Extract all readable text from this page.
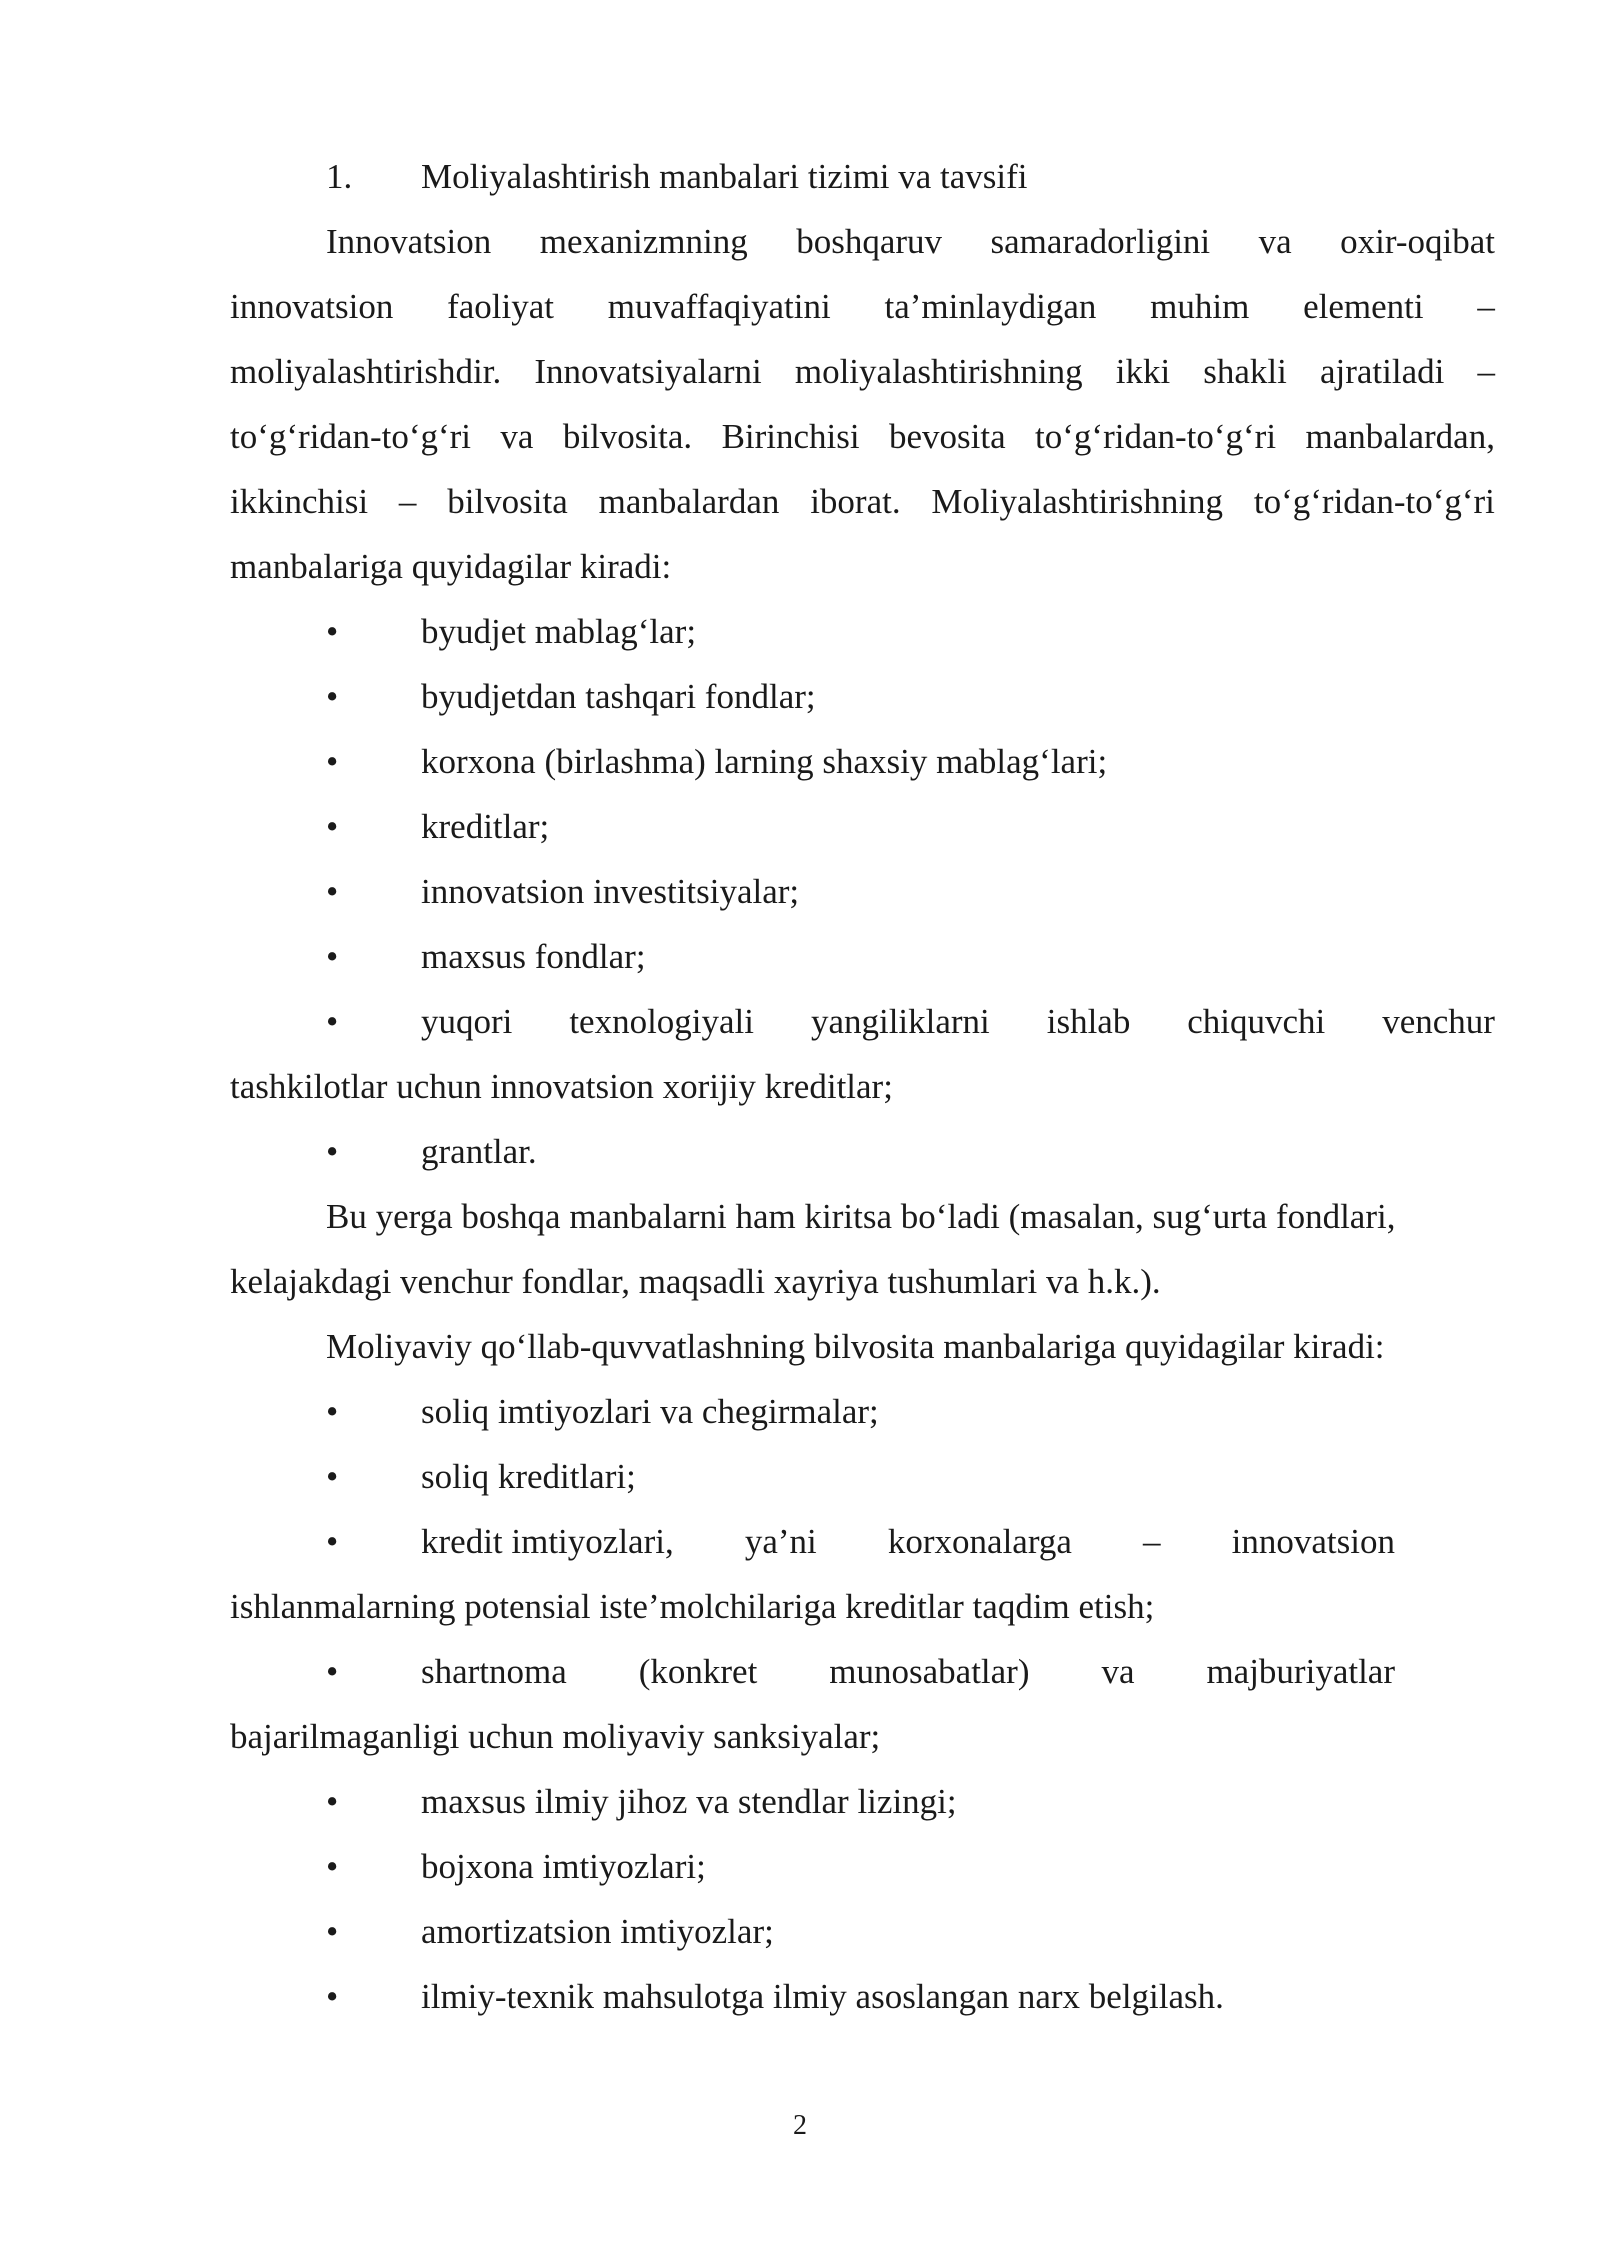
1. Moliyalashtirish manbalari tizimi va tavsifi
Innovatsion mexanizmning boshqaruv samaradorligini va oxir-oqibat
innovatsion faoliyat muvaffaqiyatini ta’minlaydigan muhim elementi –
moliyalashtirishdir. Innovatsiyalarni moliyalashtirishning ikki shakli ajratiladi –
to‘g‘ridan-to‘g‘ri va bilvosita. Birinchisi bevosita to‘g‘ridan-to‘g‘ri manbalardan,
ikkinchisi – bilvosita manbalardan iborat. Moliyalashtirishning to‘g‘ridan-to‘g‘ri
manbalariga quyidagilar kiradi:
• byudjet mablag‘lar;
• byudjetdan tashqari fondlar;
• korxona (birlashma) larning shaxsiy mablag‘lari;
• kreditlar;
• innovatsion investitsiyalar;
• maxsus fondlar;
• yuqori texnologiyali yangiliklarni ishlab chiquvchi venchur
tashkilotlar uchun innovatsion xorijiy kreditlar;
• grantlar.
Bu yerga boshqa manbalarni ham kiritsa bo‘ladi (masalan, sug‘urta fondlari,
kelajakdagi venchur fondlar, maqsadli xayriya tushumlari va h.k.).
Moliyaviy qo‘llab-quvvatlashning bilvosita manbalariga quyidagilar kiradi:
• soliq imtiyozlari va chegirmalar;
• soliq kreditlari;
• kredit imtiyozlari, ya’ni korxonalarga – innovatsion
ishlanmalarning potensial iste’molchilariga kreditlar taqdim etish;
• shartnoma (konkret munosabatlar) va majburiyatlar
bajarilmaganligi uchun moliyaviy sanksiyalar;
• maxsus ilmiy jihoz va stendlar lizingi;
• bojxona imtiyozlari;
• amortizatsion imtiyozlar;
• ilmiy-texnik mahsulotga ilmiy asoslangan narx belgilash.
2
